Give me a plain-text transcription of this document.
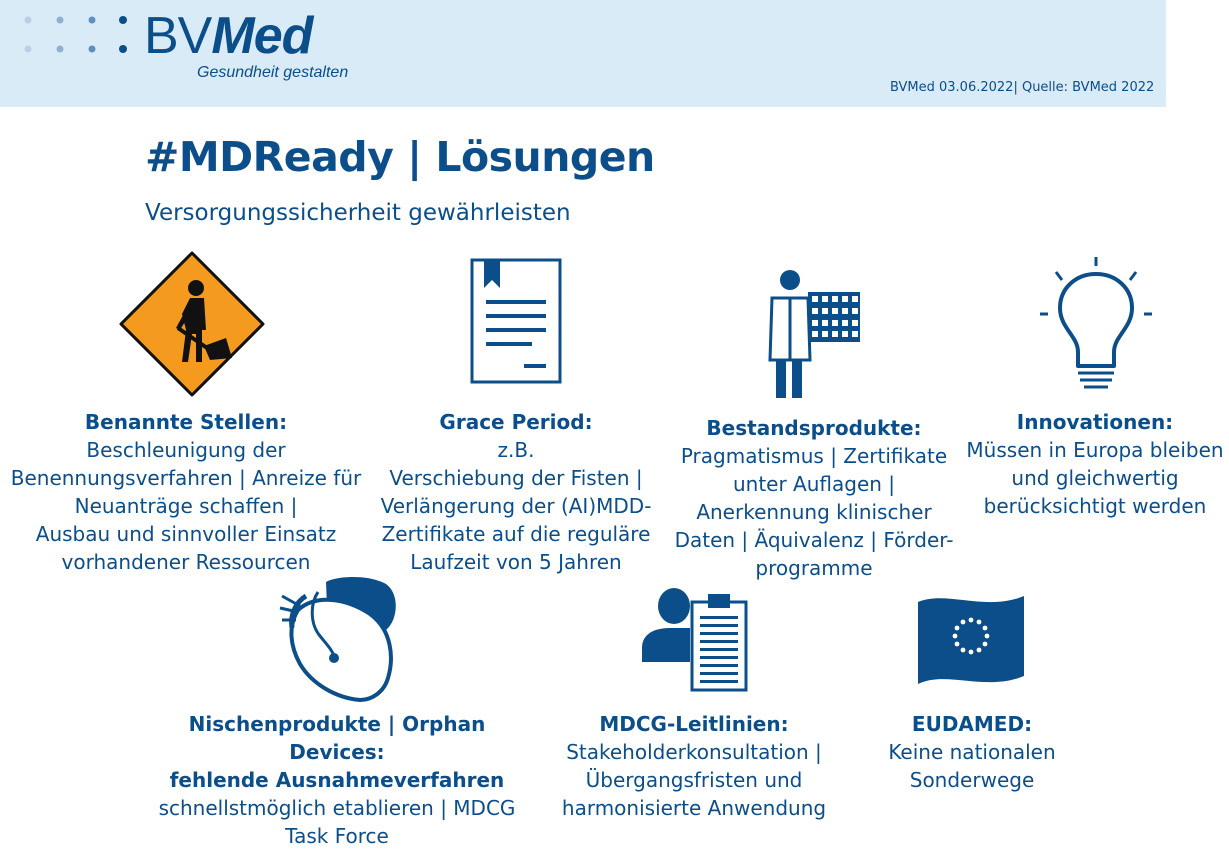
BVMed
Gesundheit gestalten
BVMed 03.06.2022| Quelle: BVMed 2022
#MDReady | Lösungen
Versorgungssicherheit gewährleisten
Benannte Stellen:
Beschleunigung der
Benennungsverfahren | Anreize für
Neuanträge schaffen |
Ausbau und sinnvoller Einsatz
vorhandener Ressourcen
Grace Period:
z.B.
Verschiebung der Fisten |
Verlängerung der (AI)MDD-
Zertifikate auf die reguläre
Laufzeit von 5 Jahren
Bestandsprodukte:
Pragmatismus | Zertifikate
unter Auflagen |
Anerkennung klinischer
Daten | Äquivalenz | Förder-
programme
Innovationen:
Müssen in Europa bleiben
und gleichwertig
berücksichtigt werden
Nischenprodukte | Orphan Devices:
fehlende Ausnahmeverfahren
schnellstmöglich etablieren | MDCG
Task Force
MDCG-Leitlinien:
Stakeholderkonsultation |
Übergangsfristen und
harmonisierte Anwendung
EUDAMED:
Keine nationalen
Sonderwege
